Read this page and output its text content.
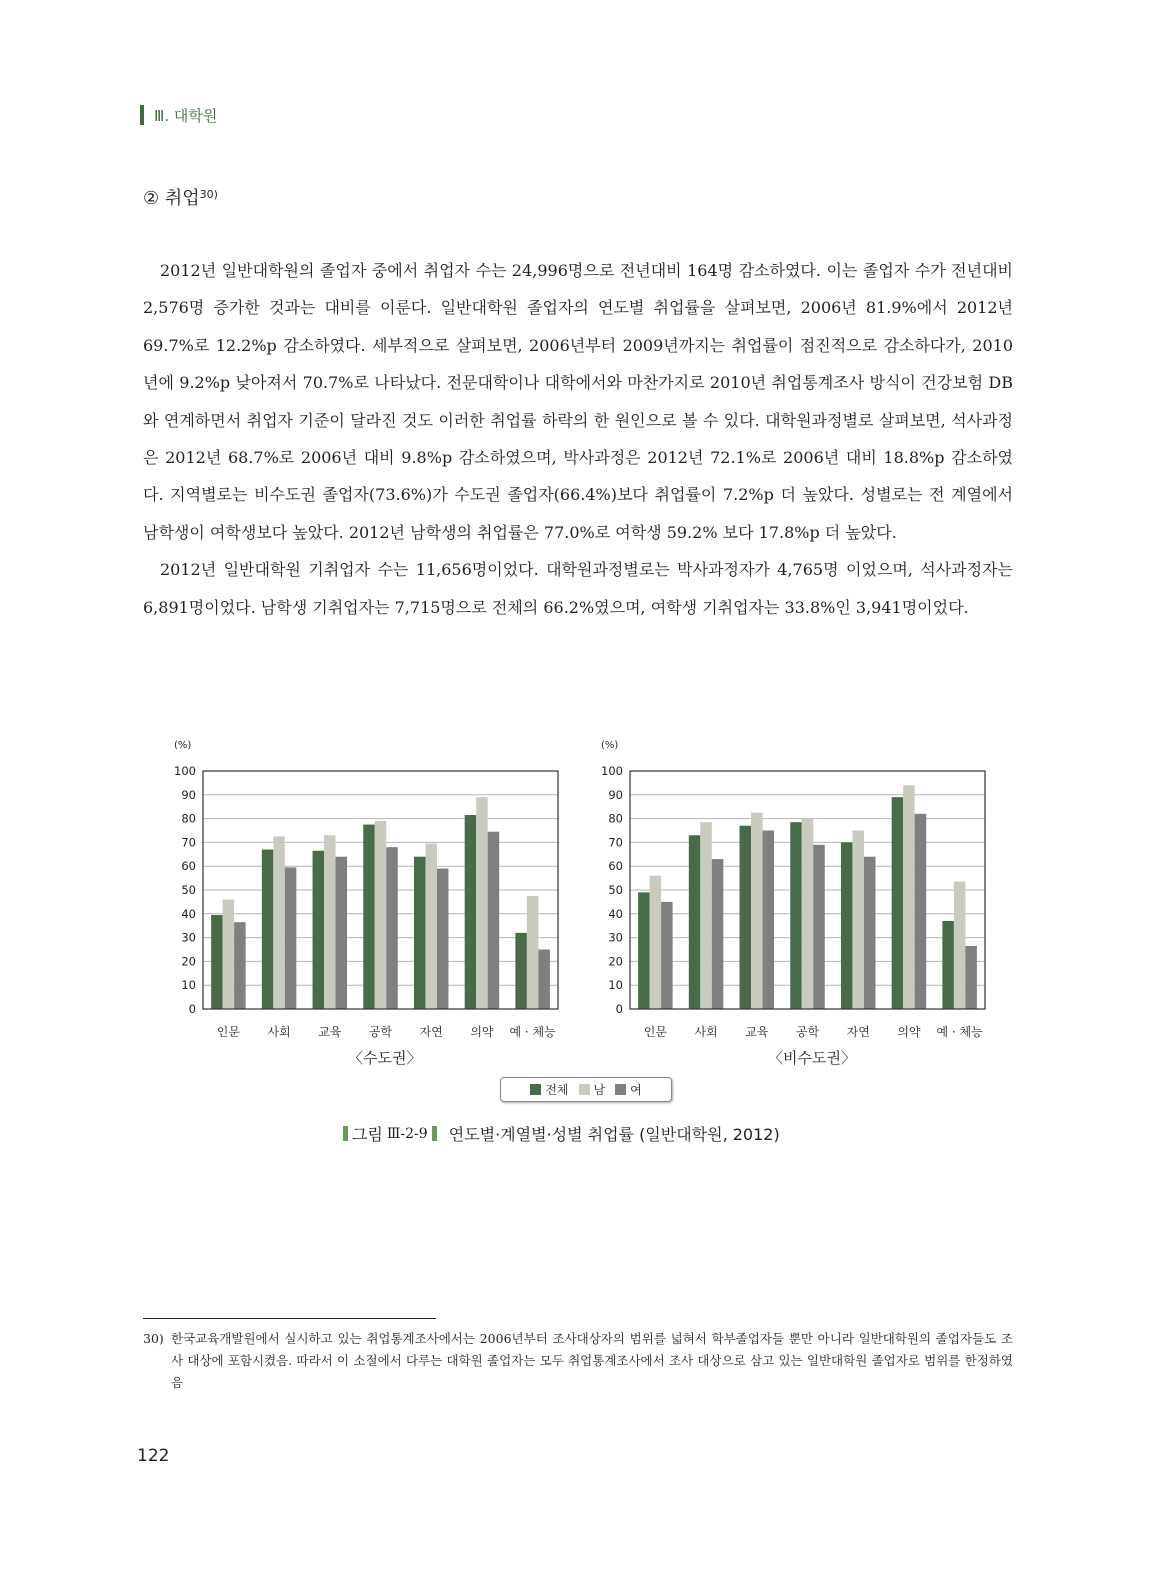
Ⅲ. 대학원
② 취업$^{30)}$

2012년 일반대학원의 졸업자 중에서 취업자 수는 24,996명으로 전년대비 164명 감소하였다. 이는 졸업자 수가 전년대비 2,576명 증가한 것과는 대비를 이룬다. 일반대학원 졸업자의 연도별 취업률을 살펴보면, 2006년 81.9%에서 2012년 69.7%로 12.2%p 감소하였다. 세부적으로 살펴보면, 2006년부터 2009년까지는 취업률이 점진적으로 감소하다가, 2010년에 9.2%p 낮아져서 70.7%로 나타났다. 전문대학이나 대학에서와 마찬가지로 2010년 취업통계조사 방식이 건강보험 DB와 연계하면서 취업자 기준이 달라진 것도 이러한 취업률 하락의 한 원인으로 볼 수 있다. 대학원과정별로 살펴보면, 석사과정은 2012년 68.7%로 2006년 대비 9.8%p 감소하였으며, 박사과정은 2012년 72.1%로 2006년 대비 18.8%p 감소하였다. 지역별로는 비수도권 졸업자(73.6%)가 수도권 졸업자(66.4%)보다 취업률이 7.2%p 더 높았다. 성별로는 전 계열에서 남학생이 여학생보다 높았다. 2012년 남학생의 취업률은 77.0%로 여학생 59.2% 보다 17.8%p 더 높았다.

2012년 일반대학원 기취업자 수는 11,656명이었다. 대학원과정별로는 박사과정자가 4,765명 이었으며, 석사과정자는 6,891명이었다. 남학생 기취업자는 7,715명으로 전체의 66.2%였으며, 여학생 기취업자는 33.8%인 3,941명이었다.

(%)
0
10
20
30
40
50
60
70
80
90
100
인문 사회 교육 공학 자연 의약 예 · 체능
(%)
0
10
20
30
40
50
60
70
80
90
100
인문 사회 교육 공학 자연 의약 예 · 체능
〈수도권〉	〈비수도권〉
전체 남 여
그림 Ⅲ-2-9 연도별·계열별·성별 취업률 (일반대학원, 2012)
30) 한국교육개발원에서 실시하고 있는 취업통계조사에서는 2006년부터 조사대상자의 범위를 넓혀서 학부졸업자들 뿐만 아니라 일반대학원의 졸업자들도 조사 대상에 포함시켰음. 따라서 이 소절에서 다루는 대학원 졸업자는 모두 취업통계조사에서 조사 대상으로 삼고 있는 일반대학원 졸업자로 범위를 한정하였음
122
